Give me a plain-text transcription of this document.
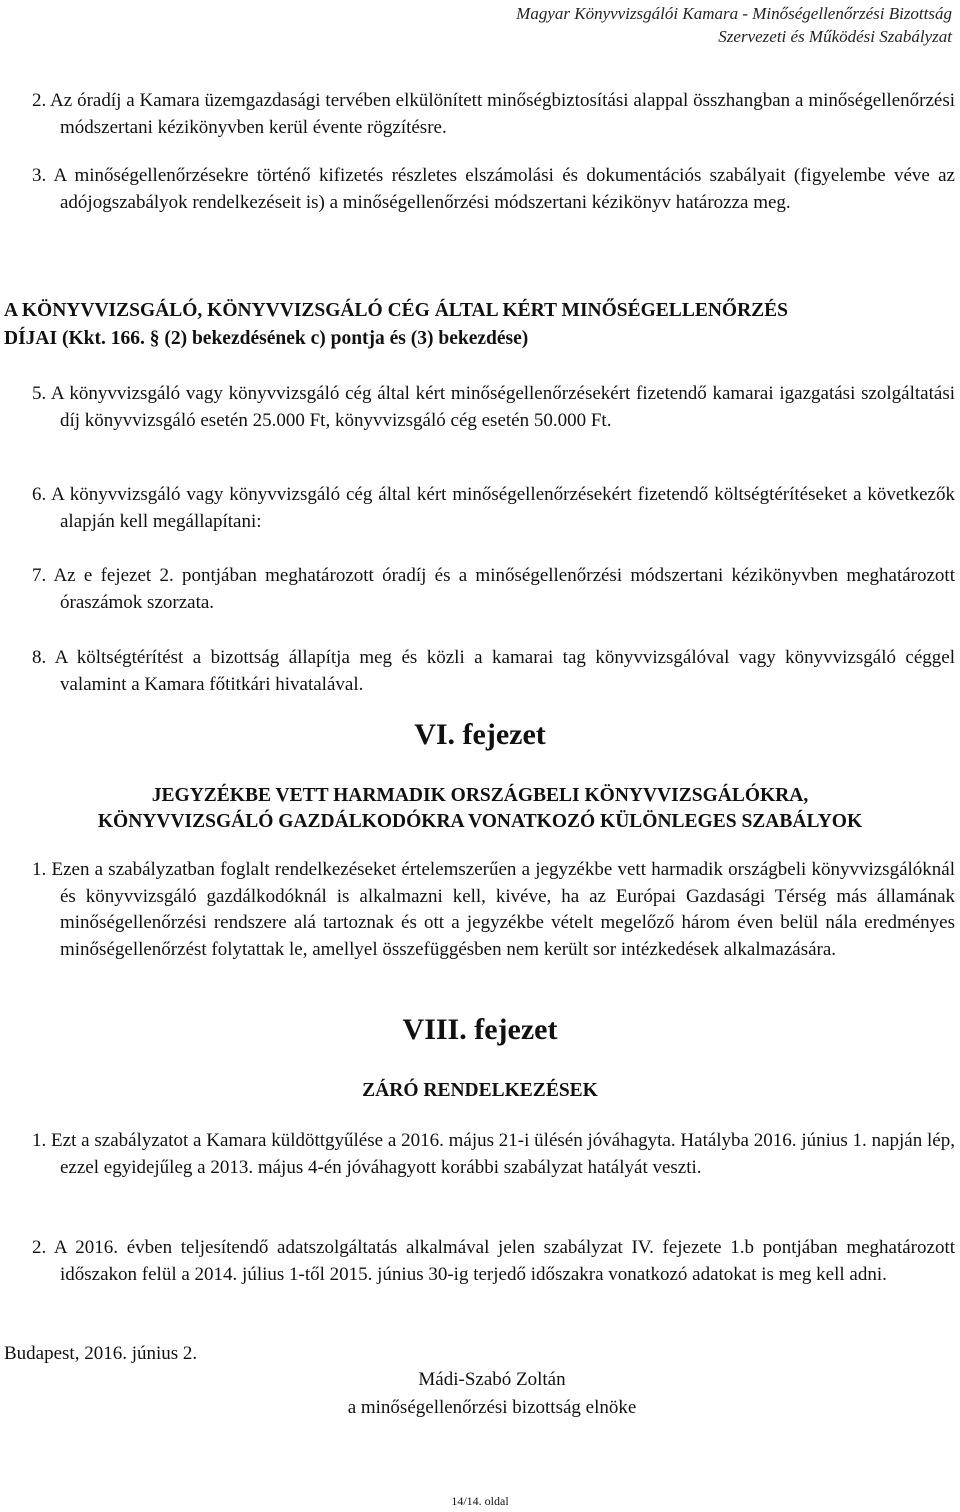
Magyar Könyvvizsgálói Kamara - Minőségellenőrzési Bizottság
Szervezeti és Működési Szabályzat
2. Az óradíj a Kamara üzemgazdasági tervében elkülönített minőségbiztosítási alappal összhangban a minőségellenőrzési módszertani kézikönyvben kerül évente rögzítésre.
3. A minőségellenőrzésekre történő kifizetés részletes elszámolási és dokumentációs szabályait (figyelembe véve az adójogszabályok rendelkezéseit is) a minőségellenőrzési módszertani kézikönyv határozza meg.
A KÖNYVVIZSGÁLÓ, KÖNYVVIZSGÁLÓ CÉG ÁLTAL KÉRT MINŐSÉGELLENŐRZÉS
DÍJAI (Kkt. 166. § (2) bekezdésének c) pontja és (3) bekezdése)
5. A könyvvizsgáló vagy könyvvizsgáló cég által kért minőségellenőrzésekért fizetendő kamarai igazgatási szolgáltatási díj könyvvizsgáló esetén 25.000 Ft, könyvvizsgáló cég esetén 50.000 Ft.
6. A könyvvizsgáló vagy könyvvizsgáló cég által kért minőségellenőrzésekért fizetendő költségtérítéseket a következők alapján kell megállapítani:
7. Az e fejezet 2. pontjában meghatározott óradíj és a minőségellenőrzési módszertani kézikönyvben meghatározott óraszámok szorzata.
8. A költségtérítést a bizottság állapítja meg és közli a kamarai tag könyvvizsgálóval vagy könyvvizsgáló céggel valamint a Kamara főtitkári hivatalával.
VI. fejezet
JEGYZÉKBE VETT HARMADIK ORSZÁGBELI KÖNYVVIZSGÁLÓKRA,
KÖNYVVIZSGÁLÓ GAZDÁLKODÓKRA VONATKOZÓ KÜLÖNLEGES SZABÁLYOK
1. Ezen a szabályzatban foglalt rendelkezéseket értelemszerűen a jegyzékbe vett harmadik országbeli könyvvizsgálóknál és könyvvizsgáló gazdálkodóknál is alkalmazni kell, kivéve, ha az Európai Gazdasági Térség más államának minőségellenőrzési rendszere alá tartoznak és ott a jegyzékbe vételt megelőző három éven belül nála eredményes minőségellenőrzést folytattak le, amellyel összefüggésben nem került sor intézkedések alkalmazására.
VIII. fejezet
ZÁRÓ RENDELKEZÉSEK
1. Ezt a szabályzatot a Kamara küldöttgyűlése a 2016. május 21-i ülésén jóváhagyta. Hatályba 2016. június 1. napján lép, ezzel egyidejűleg a 2013. május 4-én jóváhagyott korábbi szabályzat hatályát veszti.
2. A 2016. évben teljesítendő adatszolgáltatás alkalmával jelen szabályzat IV. fejezete 1.b pontjában meghatározott időszakon felül a 2014. július 1-től 2015. június 30-ig terjedő időszakra vonatkozó adatokat is meg kell adni.
Budapest, 2016. június 2.
Mádi-Szabó Zoltán
a minőségellenőrzési bizottság elnöke
14/14. oldal
